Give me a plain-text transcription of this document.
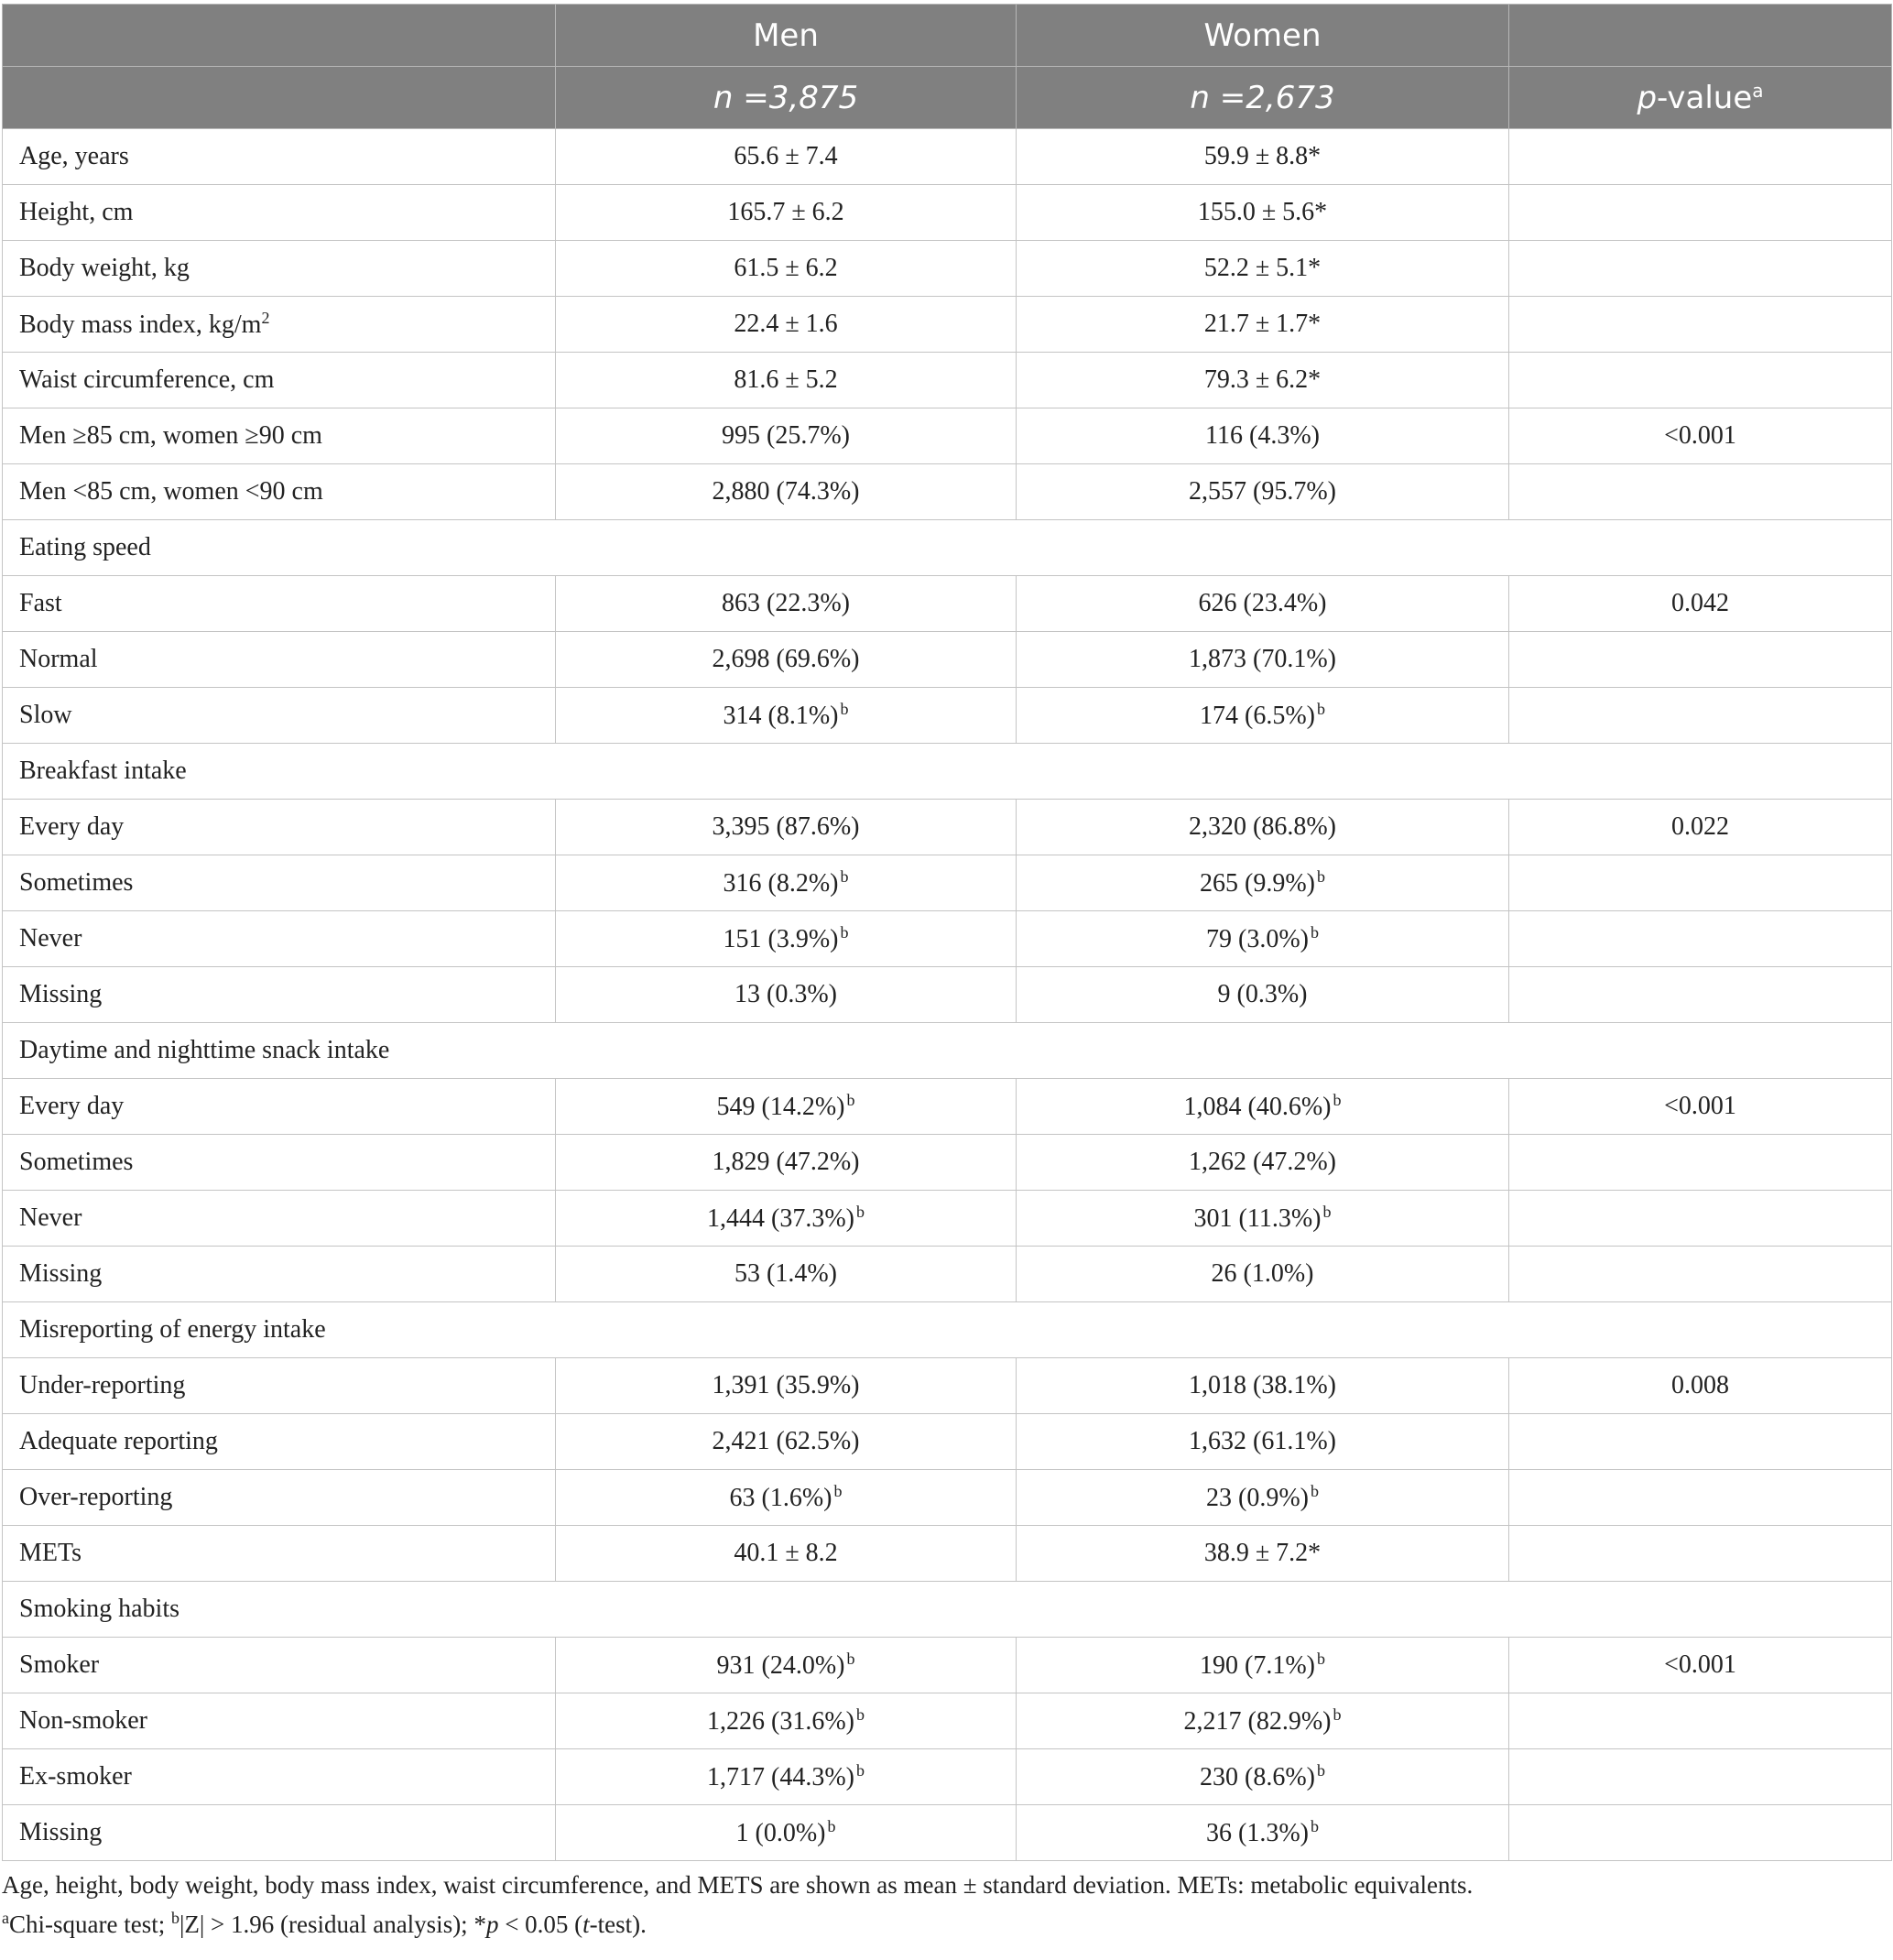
	Men	Women	
	n =3,875	n =2,673	p-value$^a$
Age, years	65.6 ± 7.4	59.9 ± 8.8*	
Height, cm	165.7 ± 6.2	155.0 ± 5.6*	
Body weight, kg	61.5 ± 6.2	52.2 ± 5.1*	
Body mass index, $kg/m^2$	22.4 ± 1.6	21.7 ± 1.7*	
Waist circumference, cm	81.6 ± 5.2	79.3 ± 6.2*	
Men ≥85 cm, women ≥90 cm	995 (25.7%)	116 (4.3%)	<0.001
Men <85 cm, women <90 cm	2,880 (74.3%)	2,557 (95.7%)	
Eating speed			
Fast	863 (22.3%)	626 (23.4%)	0.042
Normal	2,698 (69.6%)	1,873 (70.1%)	
Slow	314 (8.1%) $^b$	174 (6.5%) $^b$	
Breakfast intake			
Every day	3,395 (87.6%)	2,320 (86.8%)	0.022
Sometimes	316 (8.2%) $^b$	265 (9.9%) $^b$	
Never	151 (3.9%) $^b$	79 (3.0%) $^b$	
Missing	13 (0.3%)	9 (0.3%)	
Daytime and nighttime snack intake			
Every day	549 (14.2%) $^b$	1,084 (40.6%) $^b$	<0.001
Sometimes	1,829 (47.2%)	1,262 (47.2%)	
Never	1,444 (37.3%) $^b$	301 (11.3%) $^b$	
Missing	53 (1.4%)	26 (1.0%)	
Misreporting of energy intake			
Under-reporting	1,391 (35.9%)	1,018 (38.1%)	0.008
Adequate reporting	2,421 (62.5%)	1,632 (61.1%)	
Over-reporting	63 (1.6%) $^b$	23 (0.9%) $^b$	
METs	40.1 ± 8.2	38.9 ± 7.2*	
Smoking habits			
Smoker	931 (24.0%) $^b$	190 (7.1%) $^b$	<0.001
Non-smoker	1,226 (31.6%) $^b$	2,217 (82.9%) $^b$	
Ex-smoker	1,717 (44.3%) $^b$	230 (8.6%) $^b$	
Missing	1 (0.0%) $^b$	36 (1.3%) $^b$	
Age, height, body weight, body mass index, waist circumference, and METS are shown as mean ± standard deviation. METs: metabolic equivalents.
$^a$Chi-square test; $^b$|Z| > 1.96 (residual analysis); *p < 0.05 (t-test).
